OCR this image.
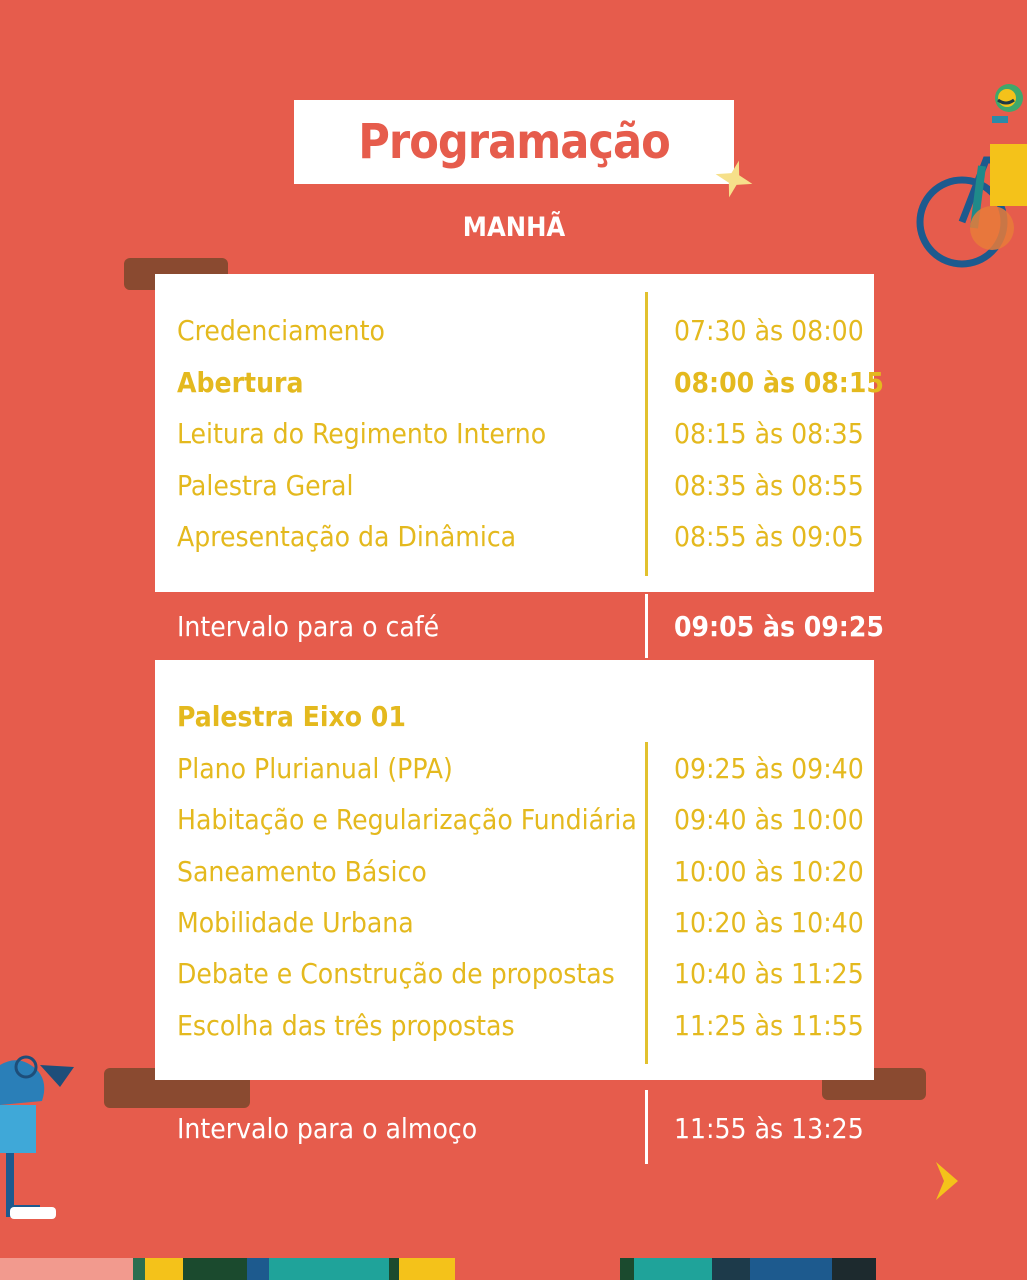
Programação
MANHÃ
Intervalo para o café	09:05 às 09:25
Palestra Eixo 01
Intervalo para o almoço	11:55 às 13:25
Credenciamento	07:30 às 08:00
Abertura	08:00 às 08:15
Leitura do Regimento Interno	08:15 às 08:35
Palestra Geral	08:35 às 08:55
Apresentação da Dinâmica	08:55 às 09:05
Plano Plurianual (PPA)	09:25 às 09:40
Habitação e Regularização Fundiária 09:40 às 10:00
Saneamento Básico	10:00 às 10:20
Mobilidade Urbana	10:20 às 10:40
Debate e Construção de propostas 10:40 às 11:25
Escolha das três propostas	11:25 às 11:55
